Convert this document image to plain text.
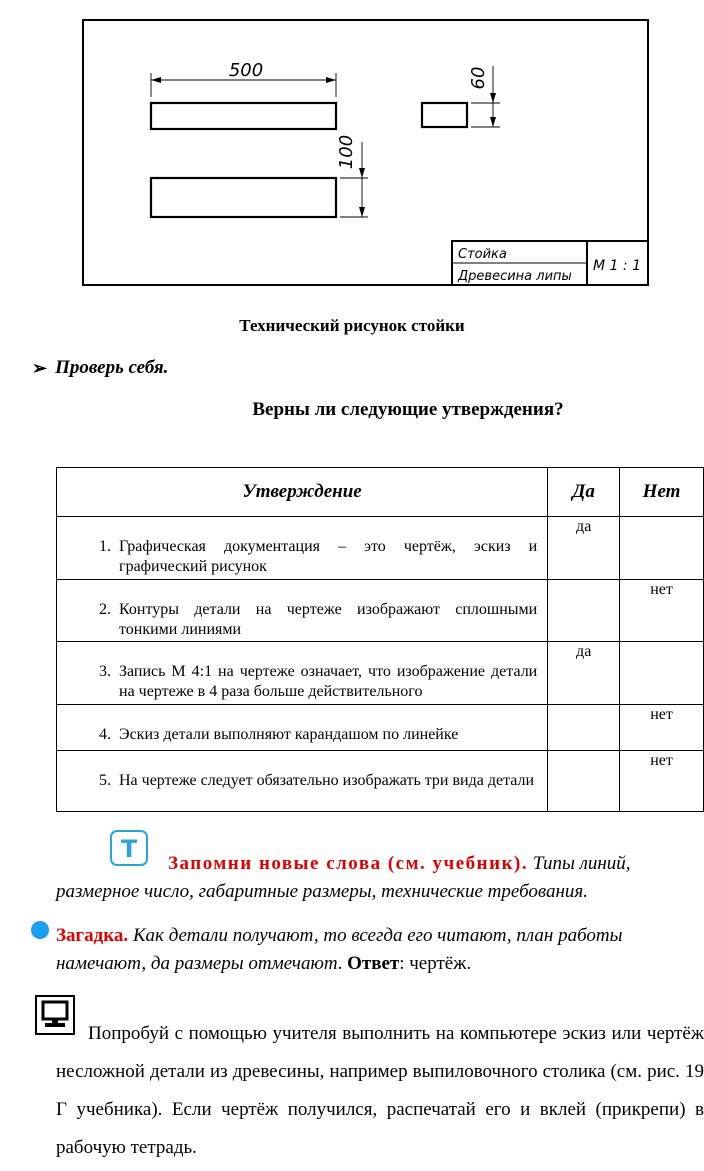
500
100
60
Стойка
Древесина липы
М 1 : 1
Технический рисунок стойки
➢ Проверь себя.
Верны ли следующие утверждения?
Утверждение	Да	Нет

1. Графическая документация – это чертёж, эскиз и графический рисунок	да	

2. Контуры детали на чертеже изображают сплошными тонкими линиями		нет

3. Запись М 4:1 на чертеже означает, что изображение детали на чертеже в 4 раза больше действительного	да	

4. Эскиз детали выполняют карандашом по линейке		нет

5. На чертеже следует обязательно изображать три вида детали		нет
T
Запомни новые слова (см. учебник). Типы линий, размерное число, габаритные размеры, технические требования.
Загадка. Как детали получают, то всегда его читают, план работы намечают, да размеры отмечают. Ответ: чертёж.
Попробуй с помощью учителя выполнить на компьютере эскиз или чертёж несложной детали из древесины, например выпиловочного столика (см. рис. 19 Г учебника). Если чертёж получился, распечатай его и вклей (прикрепи) в рабочую тетрадь.
